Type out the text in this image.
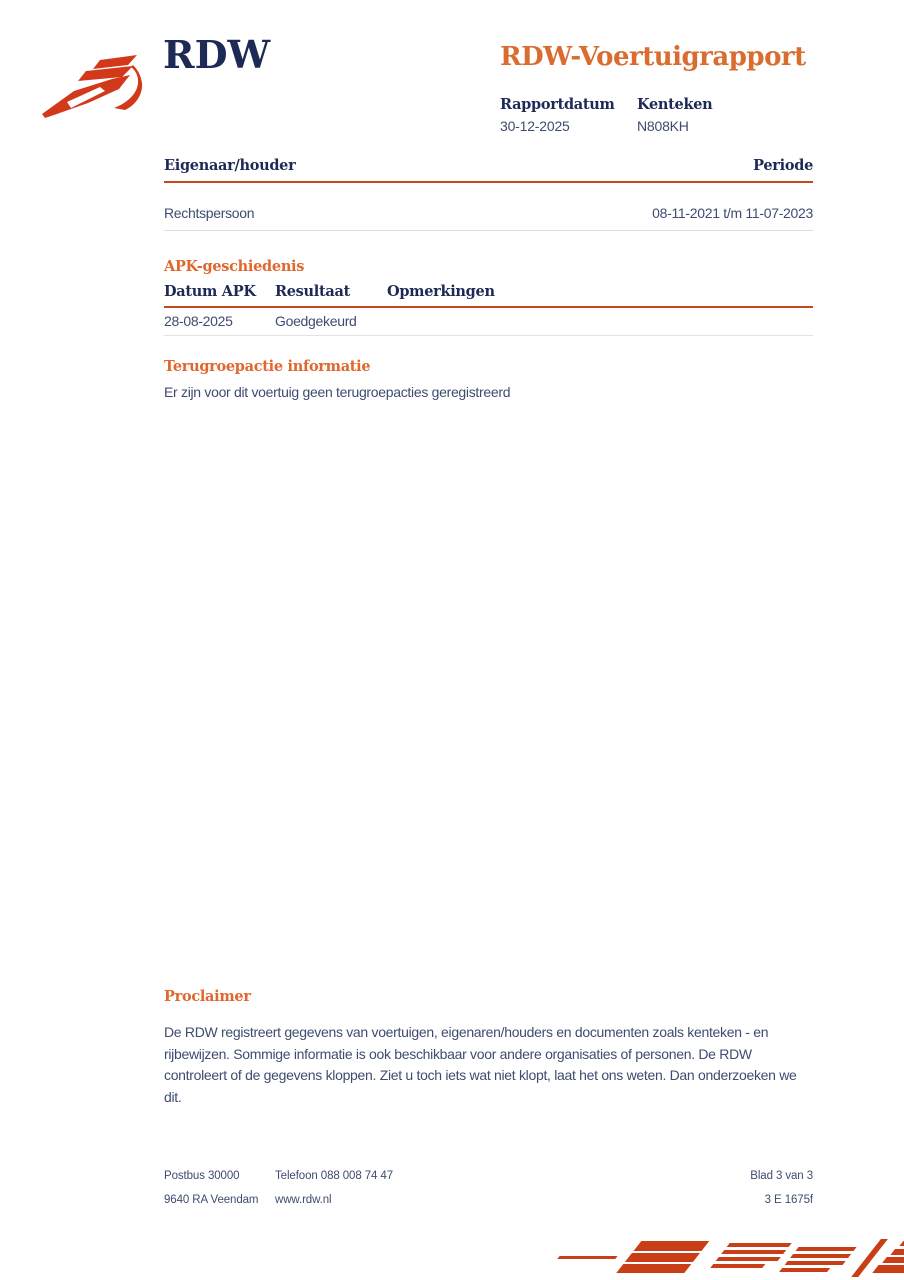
RDW	RDW-Voertuigrapport
Rapportdatum
30-12-2025
Kenteken
N808KH
Eigenaar/houder	Periode
Rechtspersoon	08-11-2021 t/m 11-07-2023
APK-geschiedenis
Datum APK	Resultaat	Opmerkingen
28-08-2025	Goedgekeurd
Terugroepactie informatie
Er zijn voor dit voertuig geen terugroepacties geregistreerd
Proclaimer
De RDW registreert gegevens van voertuigen, eigenaren/houders en documenten zoals kenteken - en rijbewijzen. Sommige informatie is ook beschikbaar voor andere organisaties of personen. De RDW controleert of de gegevens kloppen. Ziet u toch iets wat niet klopt, laat het ons weten. Dan onderzoeken we dit.
Postbus 30000	Telefoon 088 008 74 47	Blad 3 van 3
9640 RA Veendam	www.rdw.nl	3 E 1675f
